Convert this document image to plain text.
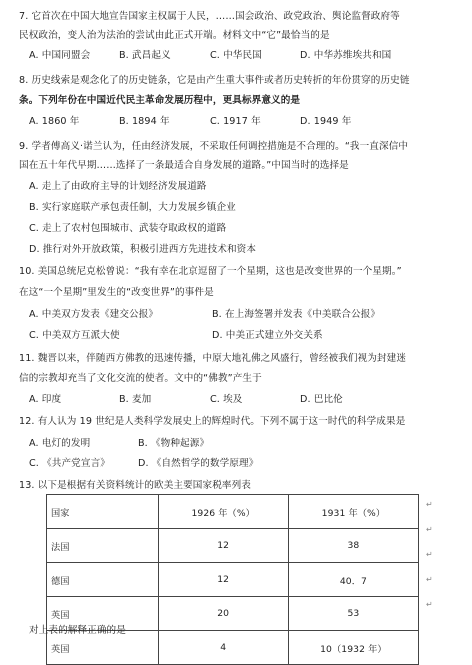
7. 它首次在中国大地宣告国家主权属于人民，……国会政治、政党政治、舆论监督政府等
民权政治，变人治为法治的尝试由此正式开端。材料文中“它”最恰当的是
A. 中国同盟会	B. 武昌起义	C. 中华民国	D. 中华苏维埃共和国
8. 历史线索是观念化了的历史链条，它是由产生重大事件或者历史转折的年份贯穿的历史链
条。下列年份在中国近代民主革命发展历程中，更具标界意义的是
A. 1860 年	B. 1894 年	C. 1917 年	D. 1949 年
9. 学者傅高义·诺兰认为，任由经济发展，不采取任何调控措施是不合理的。“我一直深信中
国在五十年代早期……选择了一条最适合自身发展的道路。”中国当时的选择是
A. 走上了由政府主导的计划经济发展道路
B. 实行家庭联产承包责任制，大力发展乡镇企业
C. 走上了农村包围城市、武装夺取政权的道路
D. 推行对外开放政策，积极引进西方先进技术和资本
10. 美国总统尼克松曾说：“我有幸在北京逗留了一个星期，这也是改变世界的一个星期。”
在这“一个星期”里发生的“改变世界”的事件是
A. 中美双方发表《建交公报》	B. 在上海签署并发表《中美联合公报》
C. 中美双方互派大使	D. 中美正式建立外交关系
11. 魏晋以来，伴随西方佛教的迅速传播，中原大地礼佛之风盛行，曾经被我们视为封建迷
信的宗教却充当了文化交流的使者。文中的“佛教”产生于
A. 印度	B. 麦加	C. 埃及	D. 巴比伦
12. 有人认为 19 世纪是人类科学发展史上的辉煌时代。下列不属于这一时代的科学成果是
A. 电灯的发明	B. 《物种起源》
C. 《共产党宣言》	D. 《自然哲学的数学原理》
13. 以下是根据有关资料统计的欧美主要国家税率列表
国家	1926 年（%）	1931 年（%）
法国	12	38
德国	12	40．7
英国	20	53
英国	4	10（1932 年）
↵
↵
↵
↵
↵
对上表的解释正确的是
